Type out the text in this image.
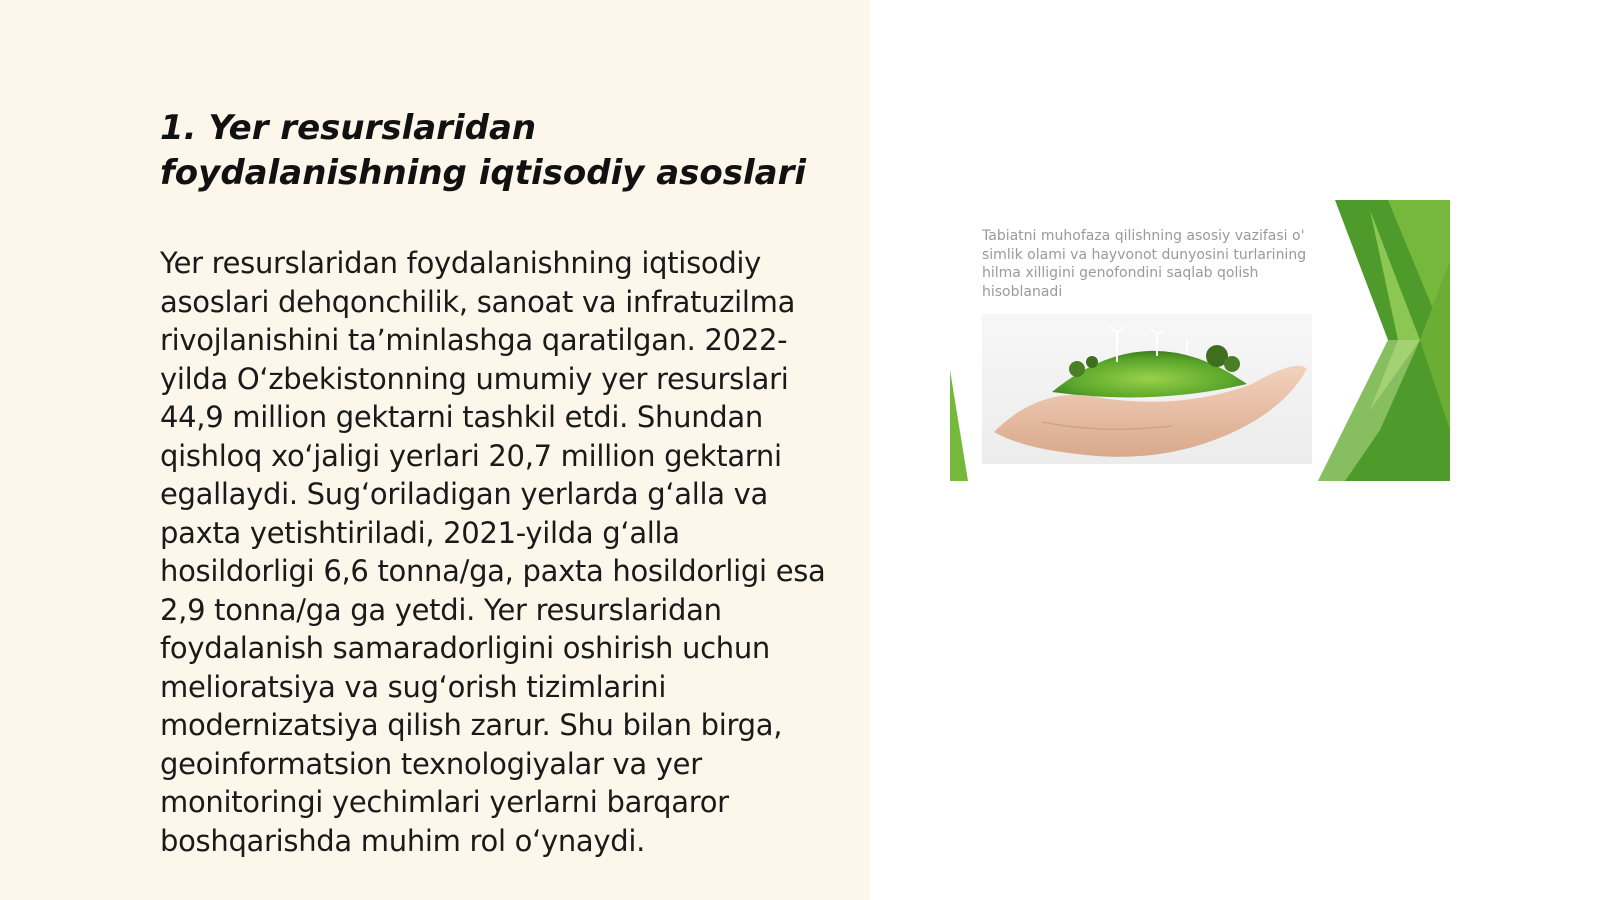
1. Yer resurslaridan foydalanishning iqtisodiy asoslari

Yer resurslaridan foydalanishning iqtisodiy asoslari dehqonchilik, sanoat va infratuzilma rivojlanishini taʼminlashga qaratilgan. 2022-yilda Oʻzbekistonning umumiy yer resurslari 44,9 million gektarni tashkil etdi. Shundan qishloq xoʻjaligi yerlari 20,7 million gektarni egallaydi. Sugʻoriladigan yerlarda gʻalla va paxta yetishtiriladi, 2021-yilda gʻalla hosildorligi 6,6 tonna/ga, paxta hosildorligi esa 2,9 tonna/ga ga yetdi. Yer resurslaridan foydalanish samaradorligini oshirish uchun melioratsiya va sugʻorish tizimlarini modernizatsiya qilish zarur. Shu bilan birga, geoinformatsion texnologiyalar va yer monitoringi yechimlari yerlarni barqaror boshqarishda muhim rol oʻynaydi.

Tabiatni muhofaza qilishning asosiy vazifasi o' simlik olami va hayvonot dunyosini turlarining hilma xilligini genofondini saqlab qolish hisoblanadi
